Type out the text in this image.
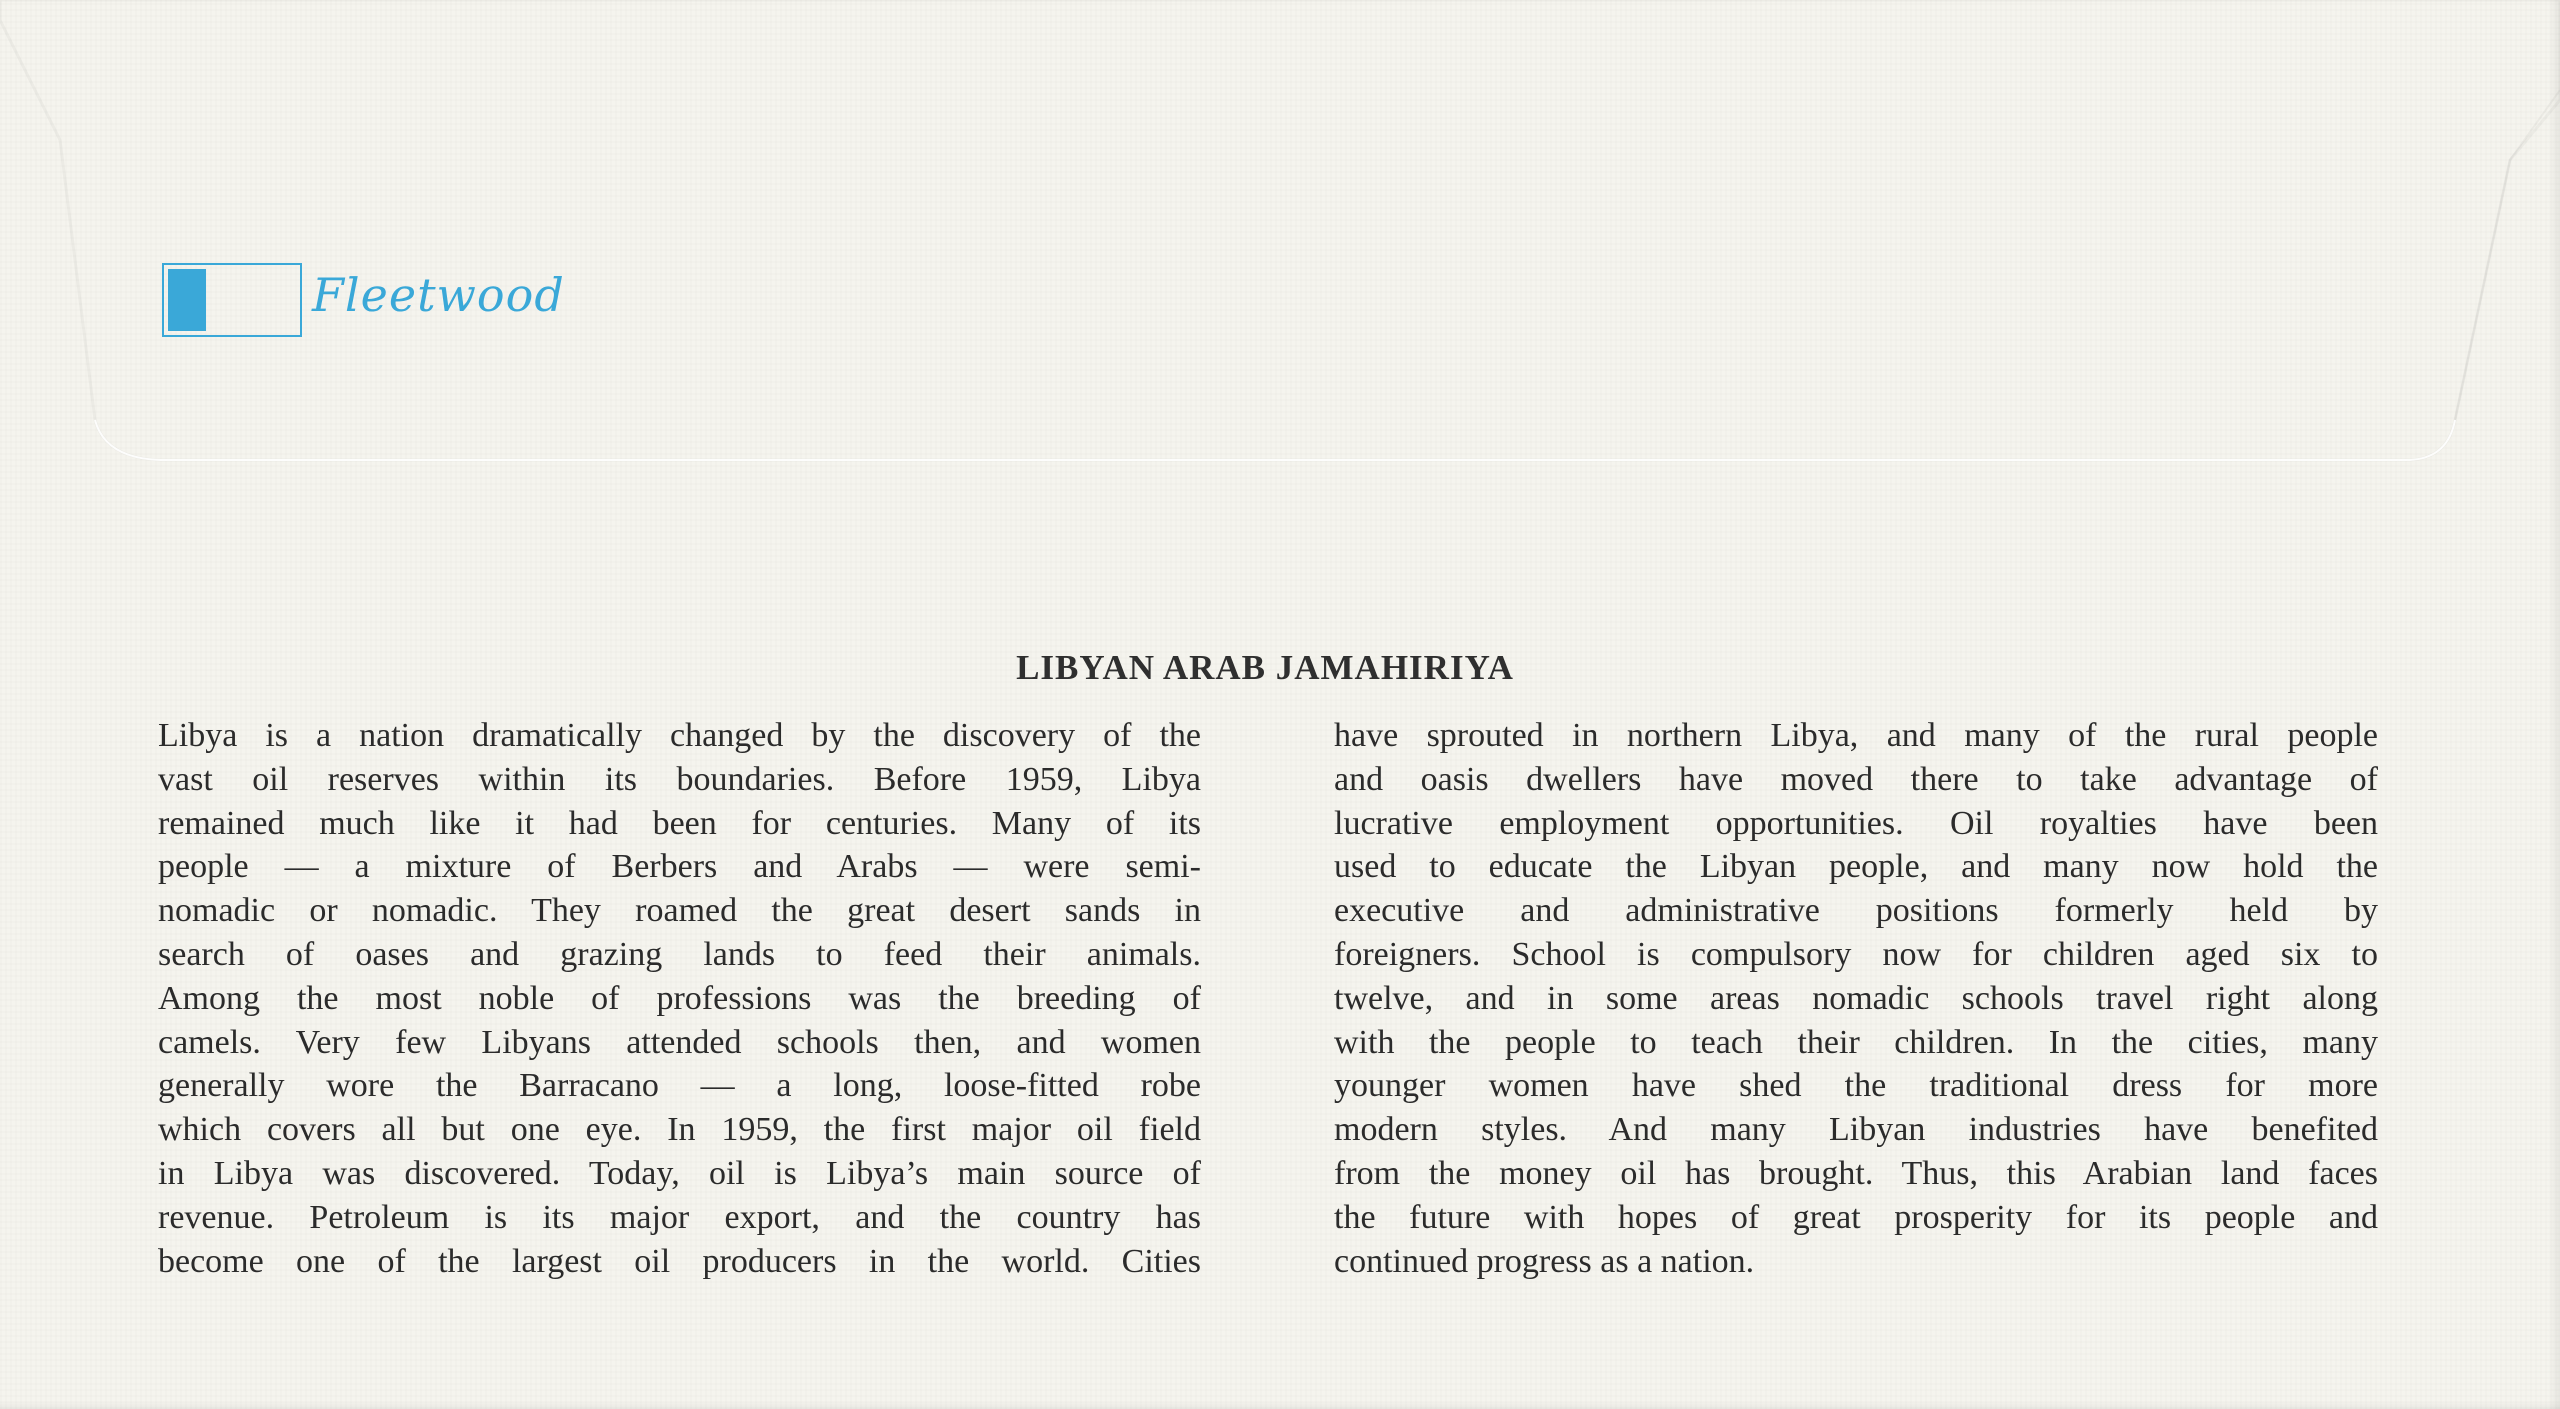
Fleetwood
LIBYAN ARAB JAMAHIRIYA
Libya is a nation dramatically changed by the discovery of the
vast oil reserves within its boundaries. Before 1959, Libya
remained much like it had been for centuries. Many of its
people — a mixture of Berbers and Arabs — were semi-
nomadic or nomadic. They roamed the great desert sands in
search of oases and grazing lands to feed their animals.
Among the most noble of professions was the breeding of
camels. Very few Libyans attended schools then, and women
generally wore the Barracano — a long, loose-fitted robe
which covers all but one eye. In 1959, the first major oil field
in Libya was discovered. Today, oil is Libya’s main source of
revenue. Petroleum is its major export, and the country has
become one of the largest oil producers in the world. Cities
have sprouted in northern Libya, and many of the rural people
and oasis dwellers have moved there to take advantage of
lucrative employment opportunities. Oil royalties have been
used to educate the Libyan people, and many now hold the
executive and administrative positions formerly held by
foreigners. School is compulsory now for children aged six to
twelve, and in some areas nomadic schools travel right along
with the people to teach their children. In the cities, many
younger women have shed the traditional dress for more
modern styles. And many Libyan industries have benefited
from the money oil has brought. Thus, this Arabian land faces
the future with hopes of great prosperity for its people and
continued progress as a nation.
